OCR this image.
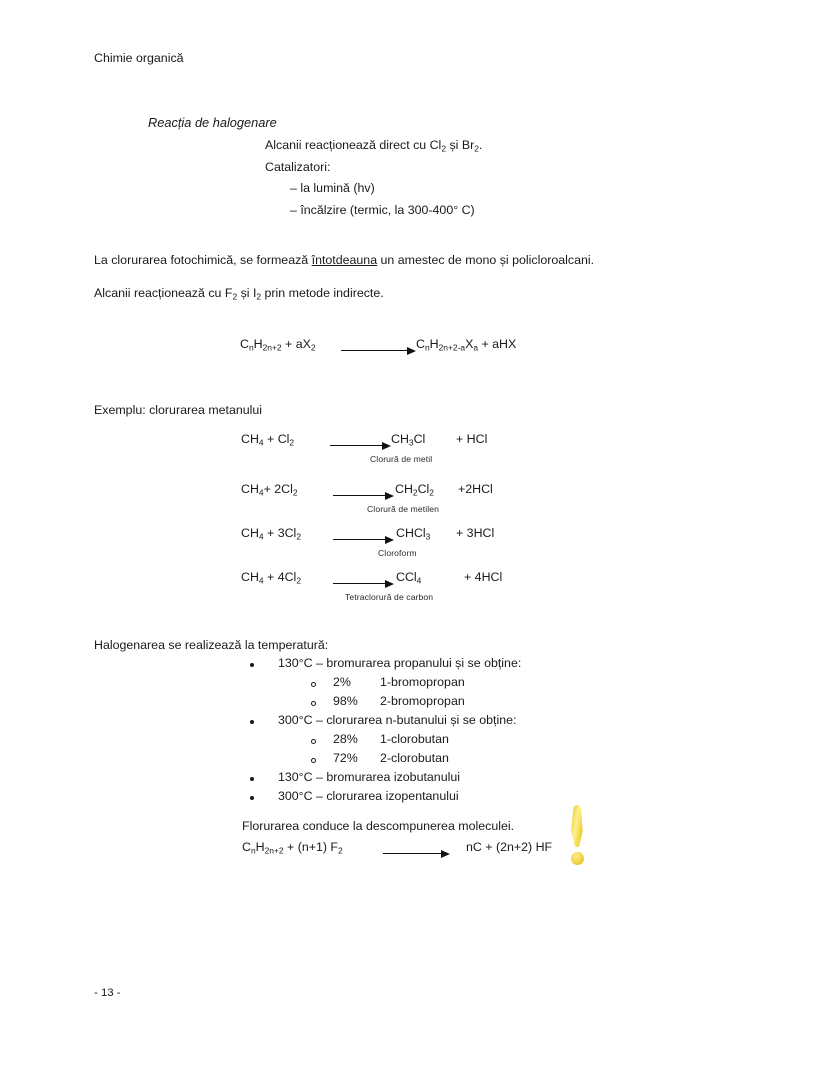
Chimie organică
Reacția de halogenare
Alcanii reacționează direct cu $Cl_2$ și $Br_2$.
Catalizatori:
– la lumină (hv)
– încălzire (termic, la 300-400° C)
La clorurarea fotochimică, se formează întotdeauna un amestec de mono și policloroalcani.
Alcanii reacționează cu $F_2$ și $I_2$ prin metode indirecte.
$C_nH_{2n+2} + aX_2$	$C_nH_{2n+2-a}X_a$ + aHX
Exemplu: clorurarea metanului
$CH_4 + Cl_2$	$CH_3Cl$ + HCl
Clorură de metil
$CH_4+ 2Cl_2$	$CH_2Cl_2 +2HCl$
Clorură de metilen
$CH_4 + 3Cl_2$	CHCl$_3$ + 3HCl
Cloroform
$CH_4 + 4Cl_2$	CCl$_4$	+ 4HCl
Tetraclorură de carbon
Halogenarea se realizează la temperatură:
130°C – bromurarea propanului și se obține:
2% 1-bromopropan
98% 2-bromopropan
300°C – clorurarea n-butanului și se obține:
28% 1-clorobutan
72% 2-clorobutan
130°C – bromurarea izobutanului
300°C – clorurarea izopentanului
Florurarea conduce la descompunerea moleculei.
$C_nH_{2n+2} + (n+1)$ $F_2$	nC + (2n+2) HF
- 13 -
